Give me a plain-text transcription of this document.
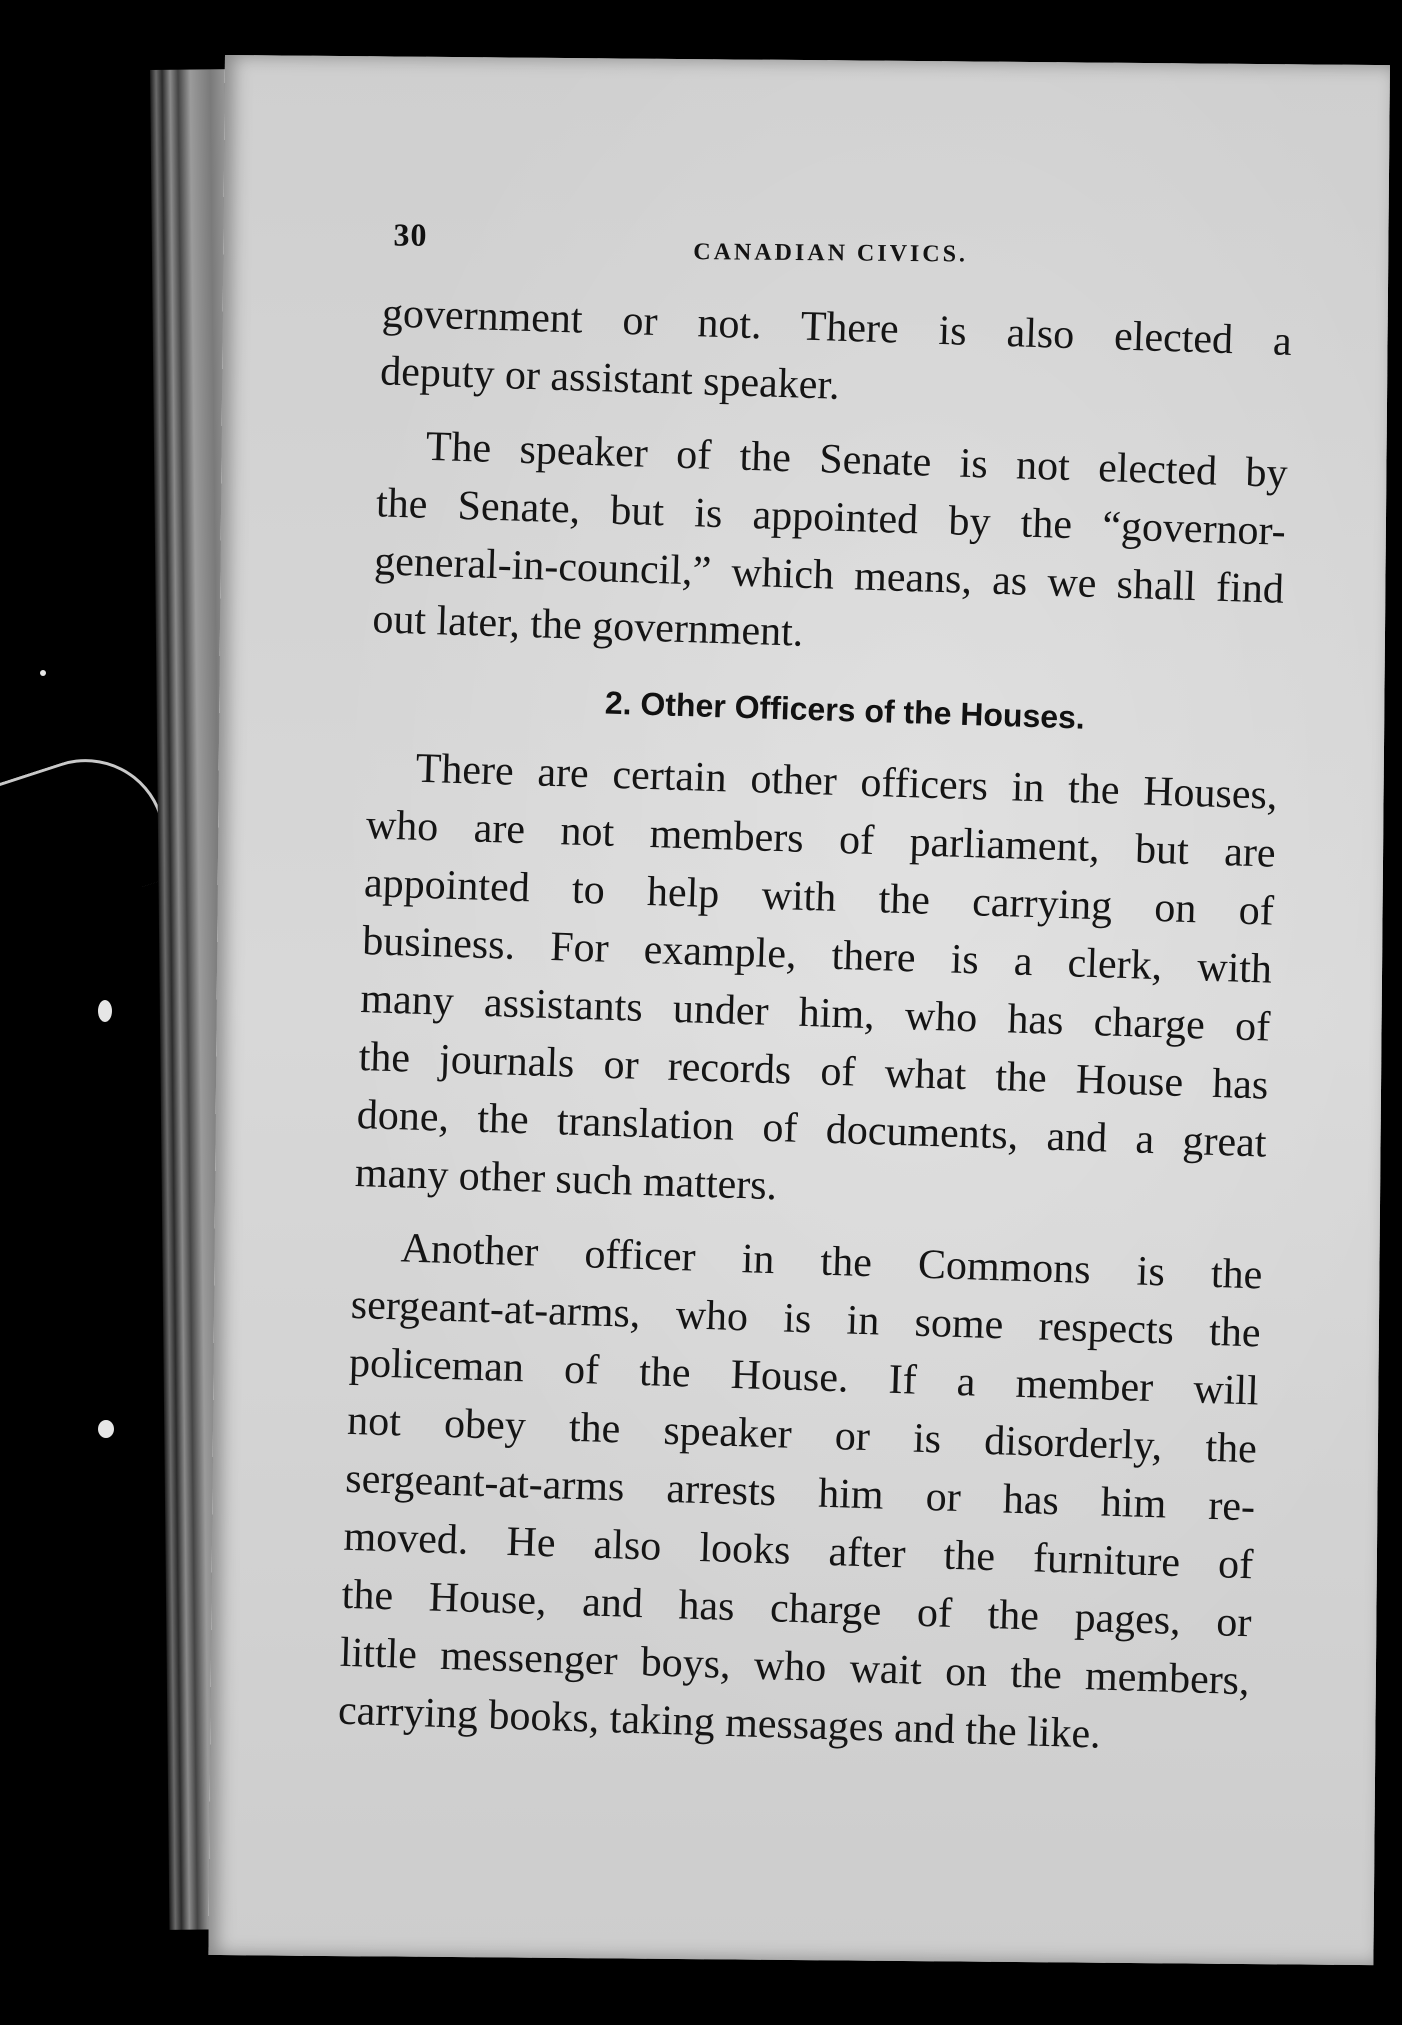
30
CANADIAN CIVICS.

government or not. There is also elected a
deputy or assistant speaker.

The speaker of the Senate is not elected by
the Senate, but is appointed by the “governor-
general-in-council,” which means, as we shall find
out later, the government.

2. Other Officers of the Houses.

There are certain other officers in the Houses,
who are not members of parliament, but are
appointed to help with the carrying on of
business. For example, there is a clerk, with
many assistants under him, who has charge of
the journals or records of what the House has
done, the translation of documents, and a great
many other such matters.

Another officer in the Commons is the
sergeant-at-arms, who is in some respects the
policeman of the House. If a member will
not obey the speaker or is disorderly, the
sergeant-at-arms arrests him or has him re-
moved. He also looks after the furniture of
the House, and has charge of the pages, or
little messenger boys, who wait on the members,
carrying books, taking messages and the like.
